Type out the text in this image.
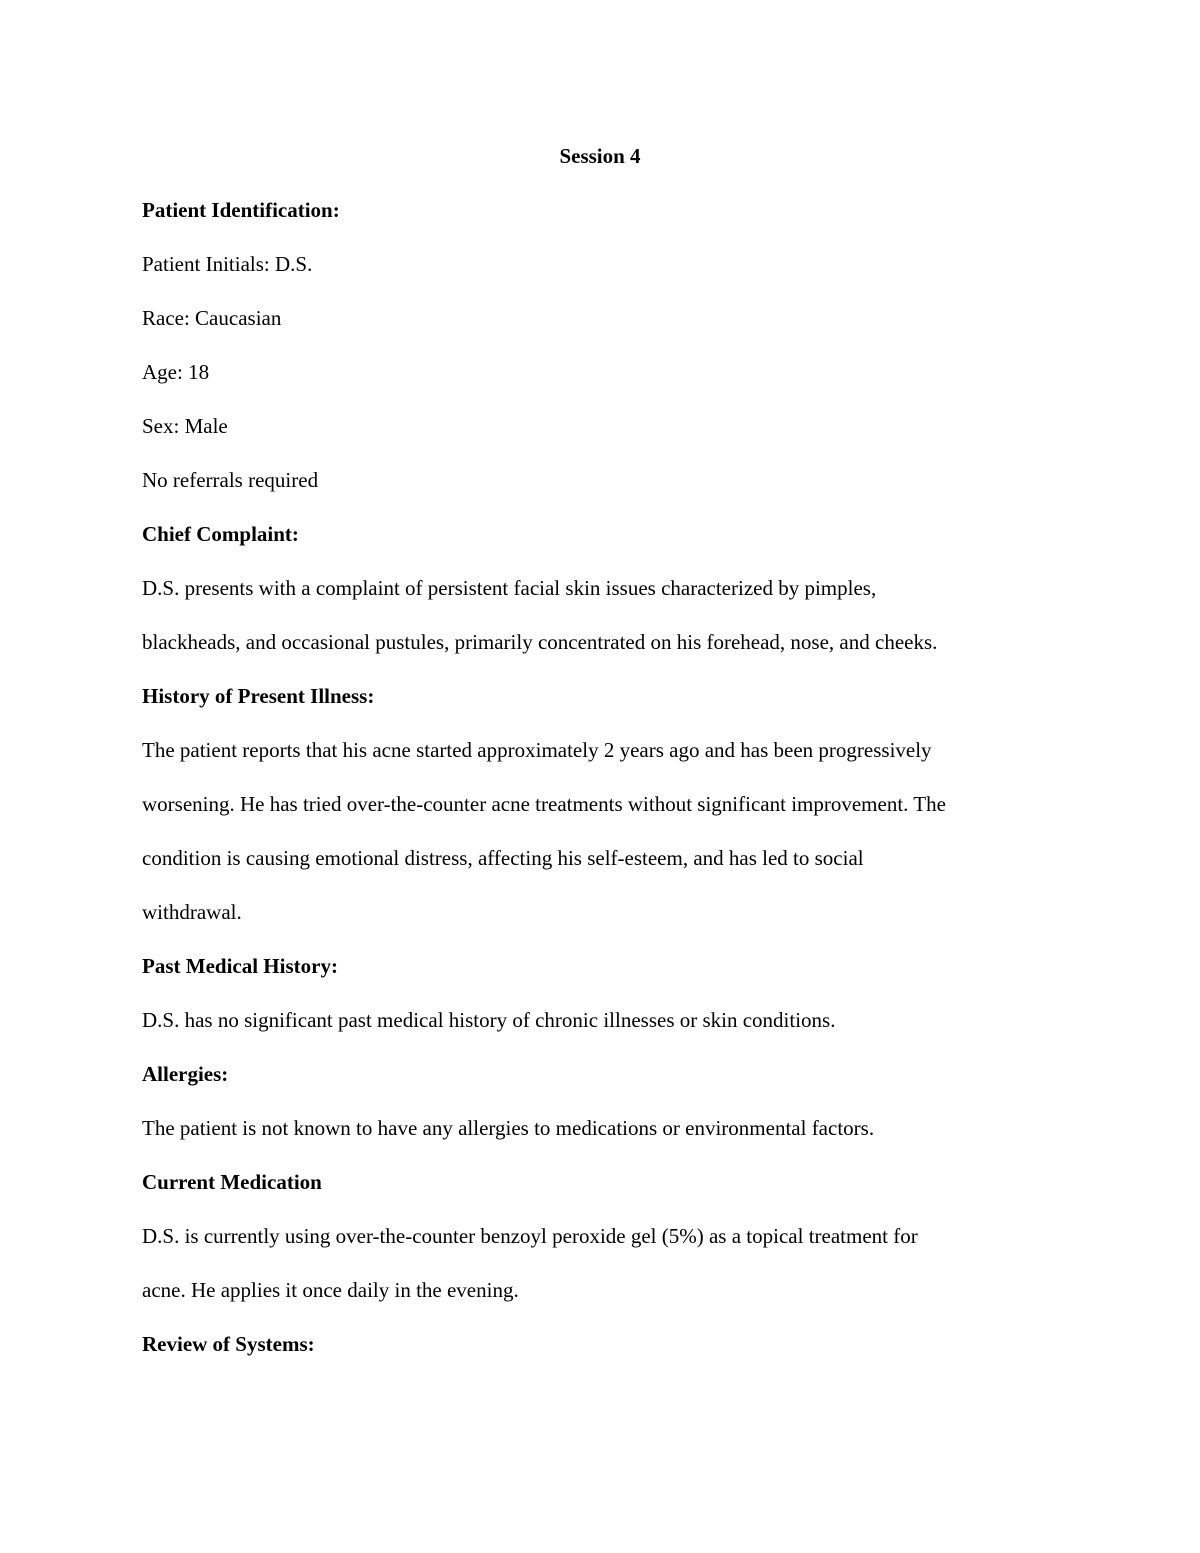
Session 4
Patient Identification:
Patient Initials: D.S.
Race: Caucasian
Age: 18
Sex: Male
No referrals required
Chief Complaint:
D.S. presents with a complaint of persistent facial skin issues characterized by pimples,
blackheads, and occasional pustules, primarily concentrated on his forehead, nose, and cheeks.
History of Present Illness:
The patient reports that his acne started approximately 2 years ago and has been progressively
worsening. He has tried over-the-counter acne treatments without significant improvement. The
condition is causing emotional distress, affecting his self-esteem, and has led to social
withdrawal.
Past Medical History:
D.S. has no significant past medical history of chronic illnesses or skin conditions.
Allergies:
The patient is not known to have any allergies to medications or environmental factors.
Current Medication
D.S. is currently using over-the-counter benzoyl peroxide gel (5%) as a topical treatment for
acne. He applies it once daily in the evening.
Review of Systems:
